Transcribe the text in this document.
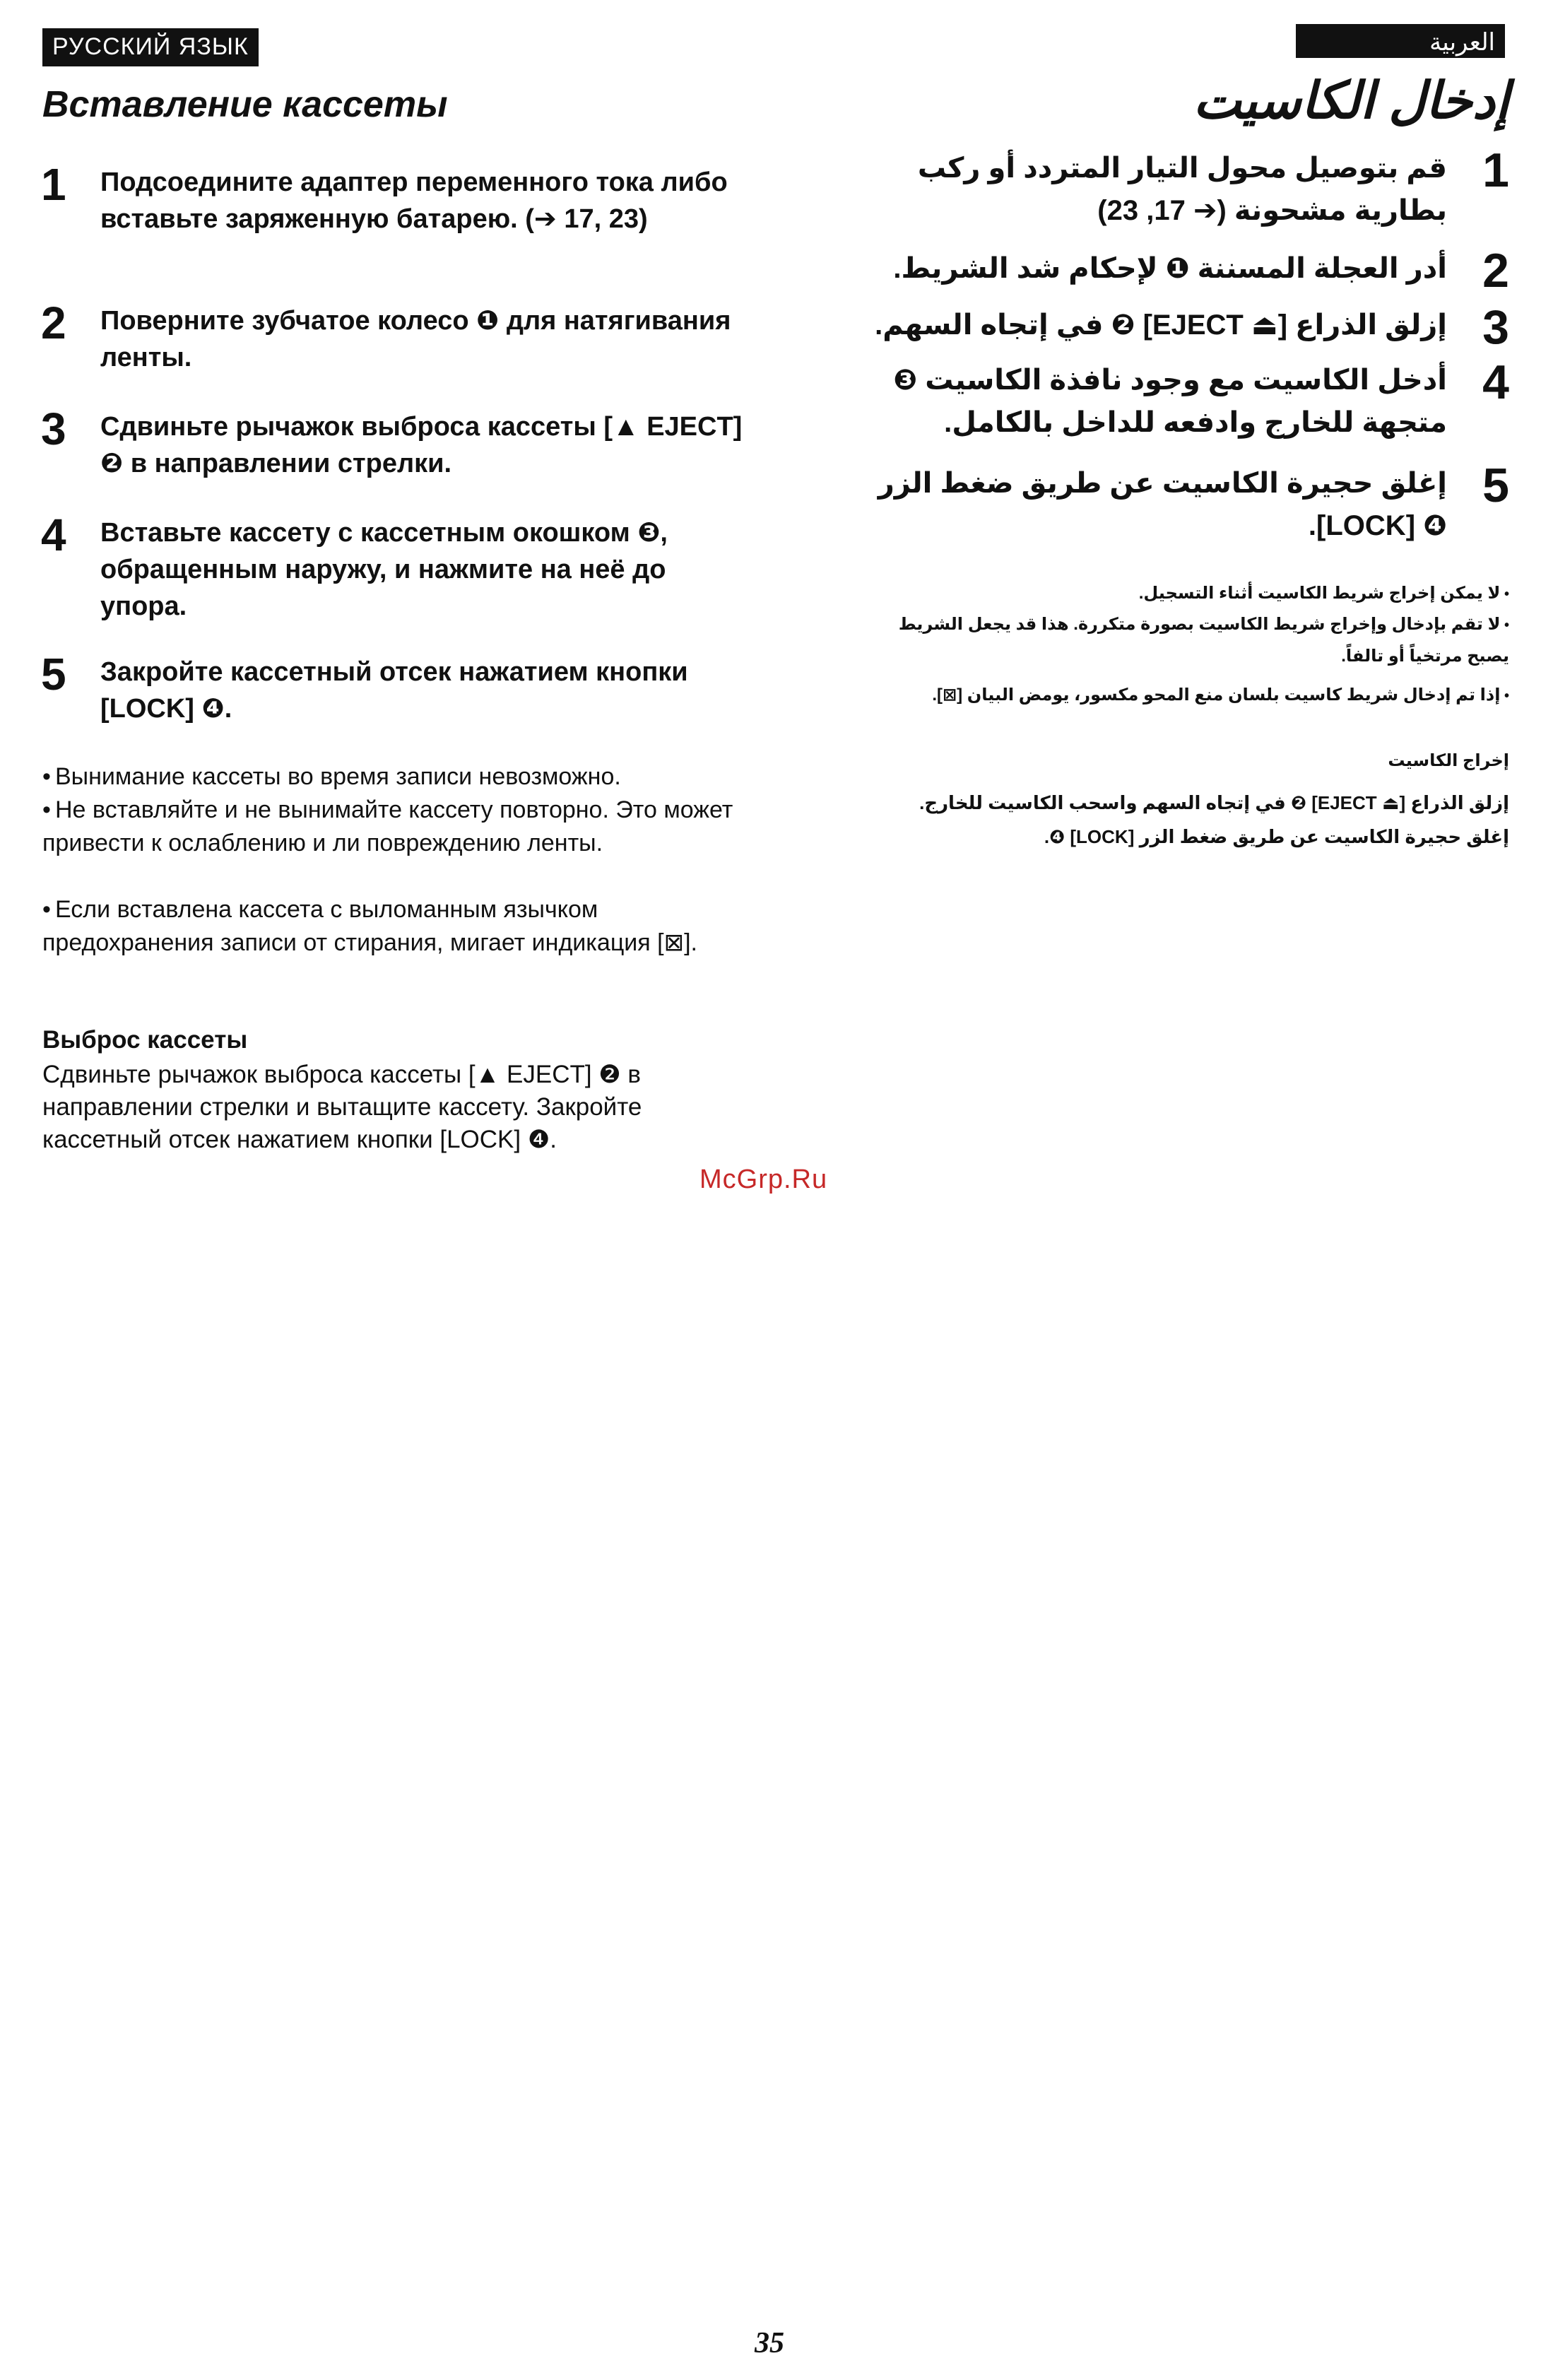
РУССКИЙ ЯЗЫК	العربية
Вставление кассеты	إدخال الكاسيت
1 Подсоедините адаптер переменного тока либо вставьте заряженную батарею. (➔ 17, 23)
2 Поверните зубчатое колесо ❶ для натягивания ленты.
3 Сдвиньте рычажок выброса кассеты [▲ EJECT] ❷ в направлении стрелки.
4 Вставьте кассету с кассетным окошком ❸, обращенным наружу, и нажмите на неё до упора.
5 Закройте кассетный отсек нажатием кнопки [LOCK] ❹.
• Вынимание кассеты во время записи невозможно.
• Не вставляйте и не вынимайте кассету повторно. Это может привести к ослаблению и ли повреждению ленты.
• Если вставлена кассета с выломанным язычком предохранения записи от стирания, мигает индикация [⊠].
Выброс кассеты
Сдвиньте рычажок выброса кассеты [▲ EJECT] ❷ в направлении стрелки и вытащите кассету. Закройте кассетный отсек нажатием кнопки [LOCK] ❹.
1
قم بتوصيل محول التيار المتردد أو ركب بطارية مشحونة (➔ 17, 23)
2
أدر العجلة المسننة ❶ لإحكام شد الشريط.
3
إزلق الذراع [⏏ EJECT] ❷ في إتجاه السهم.
4
أدخل الكاسيت مع وجود نافذة الكاسيت ❸ متجهة للخارج وادفعه للداخل بالكامل.
5
إغلق حجيرة الكاسيت عن طريق ضغط الزر ❹ [LOCK].
• لا يمكن إخراج شريط الكاسيت أثناء التسجيل.
• لا تقم بإدخال وإخراج شريط الكاسيت بصورة متكررة. هذا قد يجعل الشريط يصبح مرتخياً أو تالفاً.
• إذا تم إدخال شريط كاسيت بلسان منع المحو مكسور، يومض البيان [⊠].
إخراج الكاسيت
إزلق الذراع [⏏ EJECT] ❷ في إتجاه السهم واسحب الكاسيت للخارج.
إغلق حجيرة الكاسيت عن طريق ضغط الزر [LOCK] ❹.
McGrp.Ru
35
